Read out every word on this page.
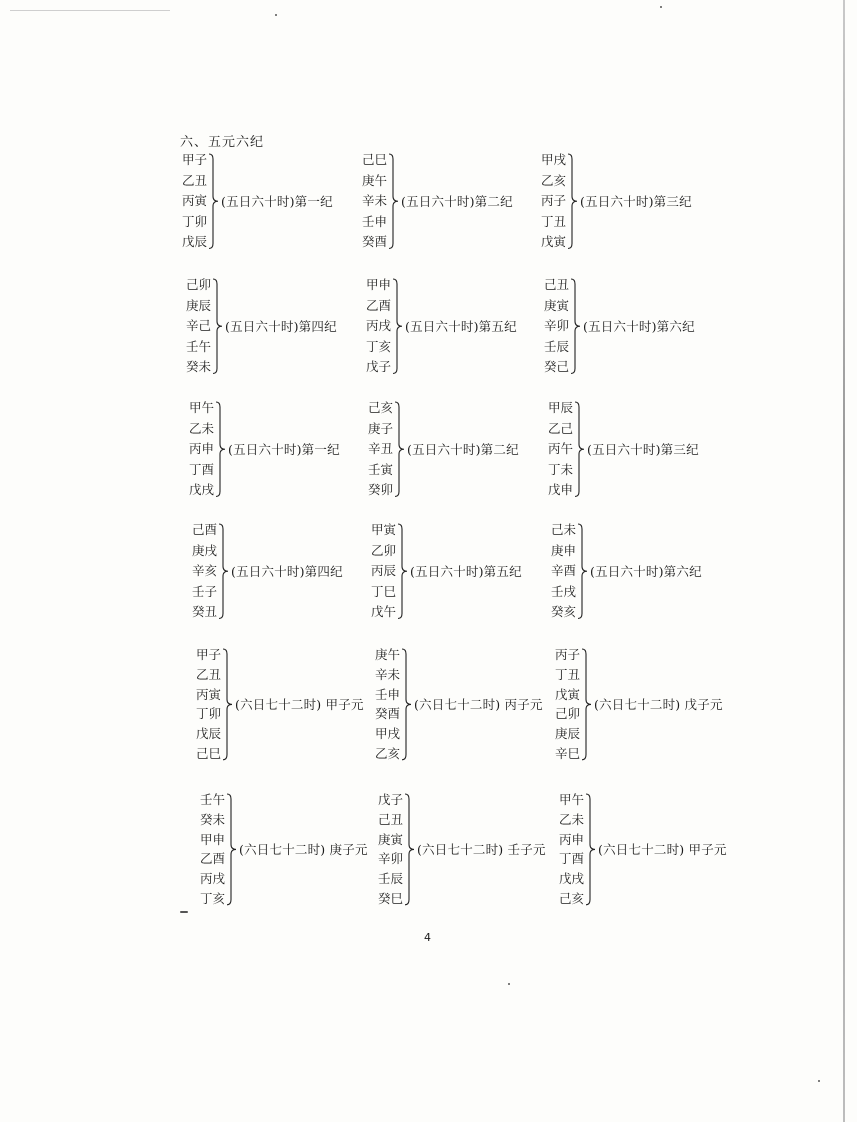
六、五元六纪
甲子
乙丑
丙寅
丁卯
戊辰
(五日六十时)第一纪
己巳
庚午
辛未
壬申
癸酉
(五日六十时)第二纪
甲戌
乙亥
丙子
丁丑
戊寅
(五日六十时)第三纪
己卯
庚辰
辛己
壬午
癸未
(五日六十时)第四纪
甲申
乙酉
丙戌
丁亥
戊子
(五日六十时)第五纪
己丑
庚寅
辛卯
壬辰
癸己
(五日六十时)第六纪
甲午
乙未
丙申
丁酉
戊戌
(五日六十时)第一纪
己亥
庚子
辛丑
壬寅
癸卯
(五日六十时)第二纪
甲辰
乙己
丙午
丁未
戊申
(五日六十时)第三纪
己酉
庚戌
辛亥
壬子
癸丑
(五日六十时)第四纪
甲寅
乙卯
丙辰
丁巳
戊午
(五日六十时)第五纪
己未
庚申
辛酉
壬戌
癸亥
(五日六十时)第六纪
甲子
乙丑
丙寅
丁卯
戊辰
己巳
(六日七十二时) 甲子元
庚午
辛未
壬申
癸酉
甲戌
乙亥
(六日七十二时) 丙子元
丙子
丁丑
戊寅
己卯
庚辰
辛巳
(六日七十二时) 戊子元
壬午
癸未
甲申
乙酉
丙戌
丁亥
(六日七十二时) 庚子元
戊子
己丑
庚寅
辛卯
壬辰
癸巳
(六日七十二时) 壬子元
甲午
乙未
丙申
丁酉
戊戌
己亥
(六日七十二时) 甲子元
4
